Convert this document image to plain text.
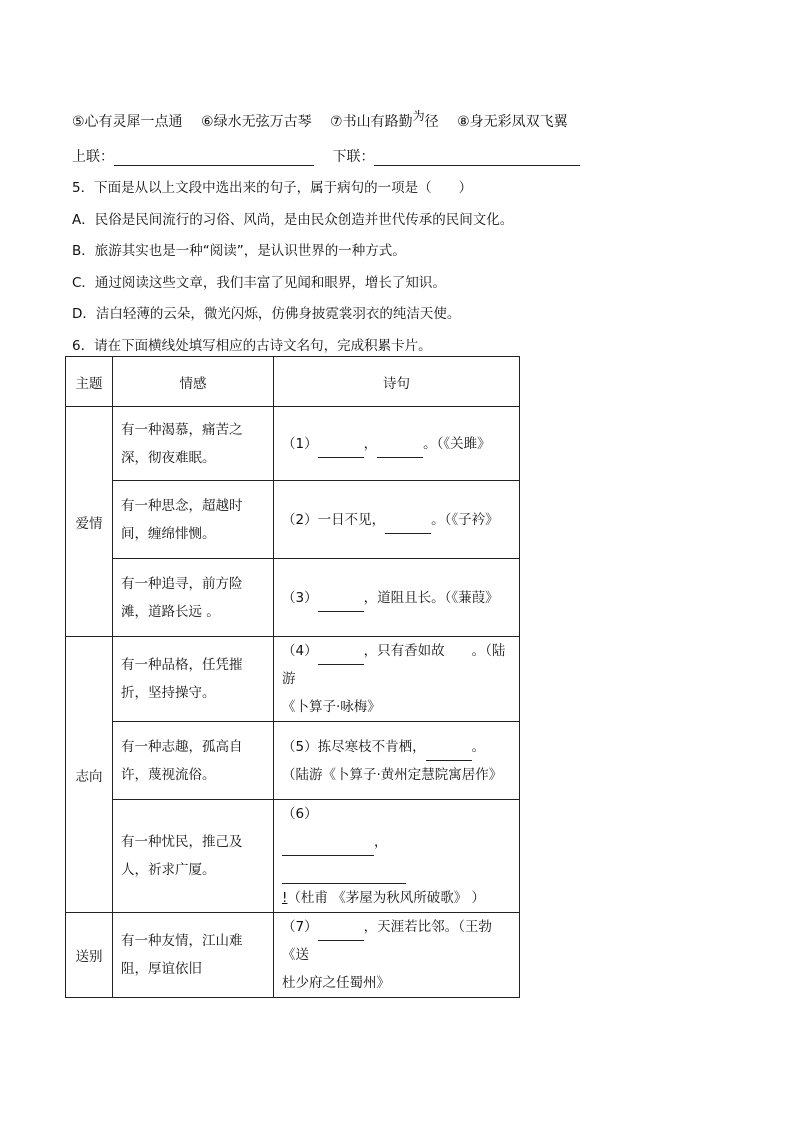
⑤心有灵犀一点通 ⑥绿水无弦万古琴 ⑦书山有路勤为径 ⑧身无彩凤双飞翼
上联：	下联：
5．下面是从以上文段中选出来的句子，属于病句的一项是（　　）
A．民俗是民间流行的习俗、风尚，是由民众创造并世代传承的民间文化。
B．旅游其实也是一种“阅读”，是认识世界的一种方式。
C．通过阅读这些文章，我们丰富了见闻和眼界，增长了知识。
D．洁白轻薄的云朵，微光闪烁，仿佛身披霓裳羽衣的纯洁天使。
6．请在下面横线处填写相应的古诗文名句，完成积累卡片。
主题	情感	诗句
爱情	有一种渴慕，痛苦之深，彻夜难眠。	（1） ， 。（《关雎》
	有一种思念，超越时间，缠绵悱恻。	（2）一日不见， 。（《子衿》
	有一种追寻，前方险滩，道路长远 。	（3） ，道阻且长。（《蒹葭》
志向	有一种品格，任凭摧折，坚持操守。	（4） ，只有香如故　　。（陆游
《卜算子·咏梅》
	有一种志趣，孤高自许，蔑视流俗。	（5）拣尽寒枝不肯栖， 。
（陆游《卜算子·黄州定慧院寓居作》
	有一种忧民，推己及人，祈求广厦。	（6）
，
!（杜甫 《茅屋为秋风所破歌》 ）
送别	有一种友情，江山难阻，厚谊依旧	（7） ，天涯若比邻。（王勃《送
杜少府之任蜀州》
